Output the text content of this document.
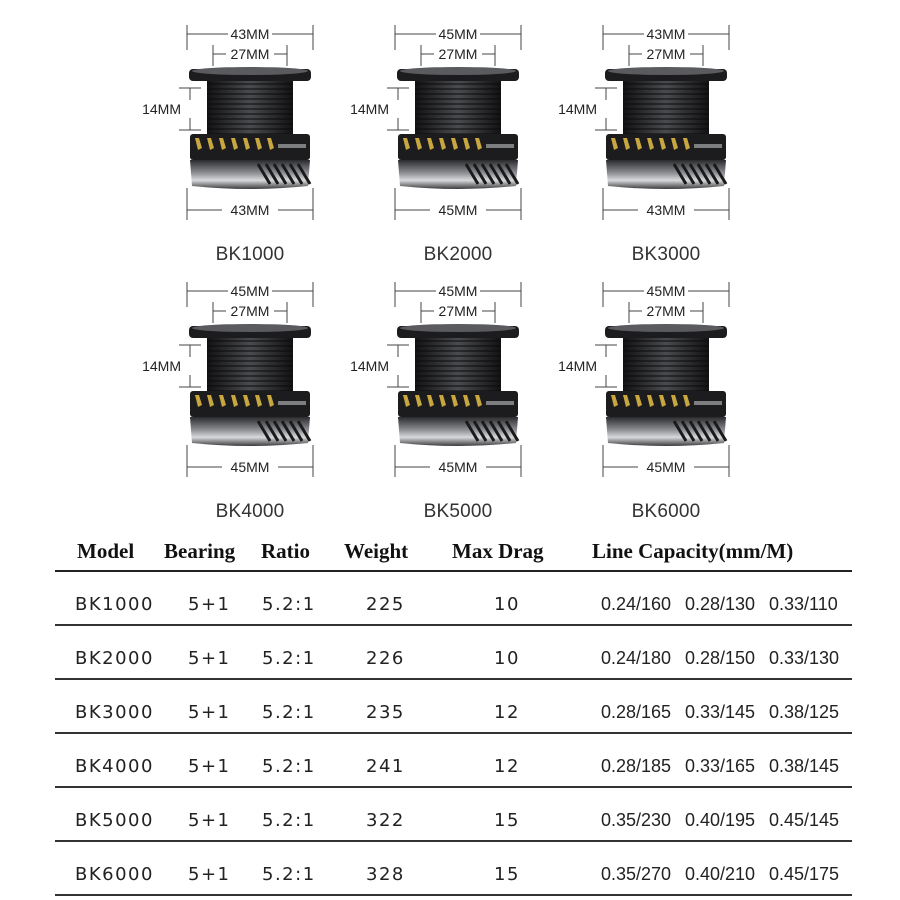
43MM
27MM
14MM
43MM
BK1000
45MM
27MM
14MM
45MM
BK2000
43MM
27MM
14MM
43MM
BK3000
45MM
27MM
14MM
45MM
BK4000
45MM
27MM
14MM
45MM
BK5000
45MM
27MM
14MM
45MM
BK6000
Model Bearing Ratio Weight Max Drag Line Capacity(mm/M)
BK1000 5+1 5.2:1	225	10	0.24/160 0.28/130 0.33/110
BK2000 5+1 5.2:1	226	10	0.24/180 0.28/150 0.33/130
BK3000 5+1 5.2:1	235	12	0.28/165 0.33/145 0.38/125
BK4000 5+1 5.2:1	241	12	0.28/185 0.33/165 0.38/145
BK5000 5+1 5.2:1	322	15	0.35/230 0.40/195 0.45/145
BK6000 5+1 5.2:1	328	15	0.35/270 0.40/210 0.45/175
